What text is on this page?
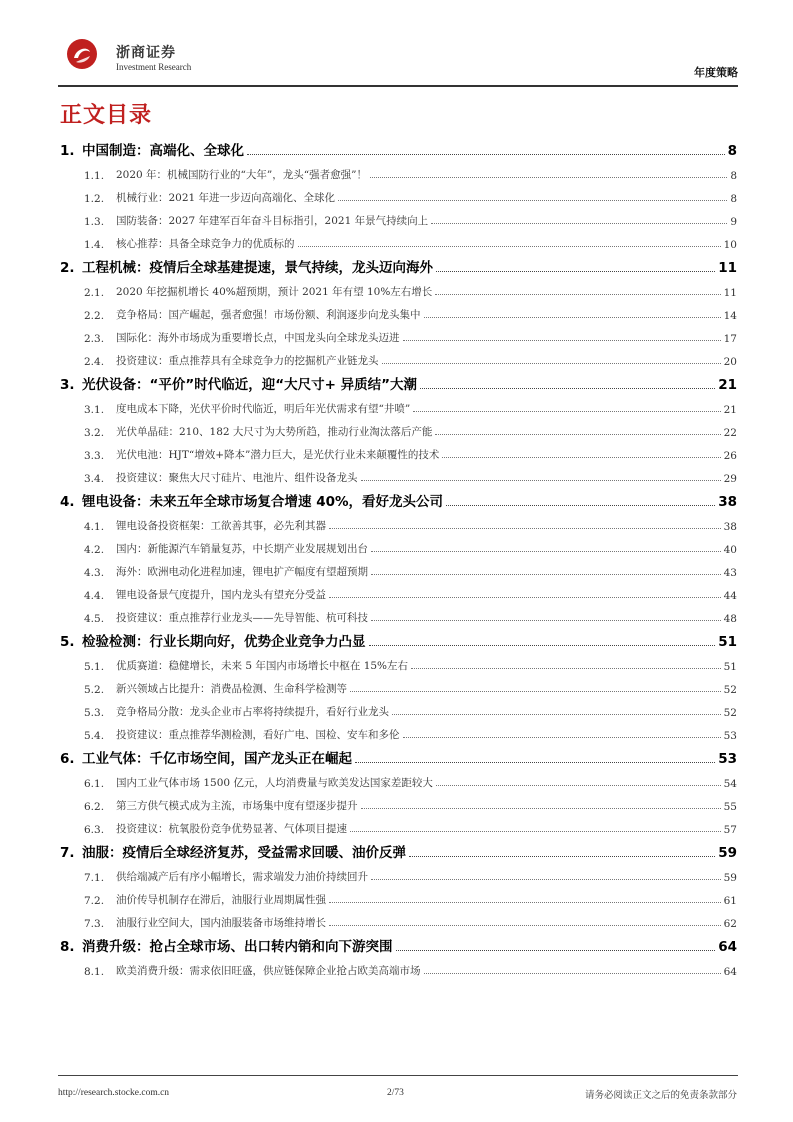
浙商证券
Investment Research	年度策略
正文目录
1. 中国制造：高端化、全球化	8
1.1.	2020 年：机械国防行业的“大年”，龙头“强者愈强”！	8
1.2.	机械行业：2021 年进一步迈向高端化、全球化	8
1.3.	国防装备：2027 年建军百年奋斗目标指引，2021 年景气持续向上	9
1.4.	核心推荐：具备全球竞争力的优质标的	10
2. 工程机械：疫情后全球基建提速，景气持续，龙头迈向海外	11
2.1.	2020 年挖掘机增长 40%超预期，预计 2021 年有望 10%左右增长	11
2.2.	竞争格局：国产崛起，强者愈强！市场份额、利润逐步向龙头集中	14
2.3.	国际化：海外市场成为重要增长点，中国龙头向全球龙头迈进	17
2.4.	投资建议：重点推荐具有全球竞争力的挖掘机产业链龙头	20
3. 光伏设备：“平价”时代临近，迎“大尺寸+ 异质结”大潮	21
3.1.	度电成本下降，光伏平价时代临近，明后年光伏需求有望“井喷”	21
3.2.	光伏单晶硅：210、182 大尺寸为大势所趋，推动行业淘汰落后产能	22
3.3.	光伏电池：HJT“增效+降本”潜力巨大，是光伏行业未来颠覆性的技术	26
3.4.	投资建议：聚焦大尺寸硅片、电池片、组件设备龙头	29
4. 锂电设备：未来五年全球市场复合增速 40%，看好龙头公司	38
4.1.	锂电设备投资框架：工欲善其事，必先利其器	38
4.2.	国内：新能源汽车销量复苏，中长期产业发展规划出台	40
4.3.	海外：欧洲电动化进程加速，锂电扩产幅度有望超预期	43
4.4.	锂电设备景气度提升，国内龙头有望充分受益	44
4.5.	投资建议：重点推荐行业龙头——先导智能、杭可科技	48
5. 检验检测：行业长期向好，优势企业竞争力凸显	51
5.1.	优质赛道：稳健增长，未来 5 年国内市场增长中枢在 15%左右	51
5.2.	新兴领域占比提升：消费品检测、生命科学检测等	52
5.3.	竞争格局分散：龙头企业市占率将持续提升，看好行业龙头	52
5.4.	投资建议：重点推荐华测检测，看好广电、国检、安车和多伦	53
6. 工业气体：千亿市场空间，国产龙头正在崛起	53
6.1.	国内工业气体市场 1500 亿元，人均消费量与欧美发达国家差距较大	54
6.2.	第三方供气模式成为主流，市场集中度有望逐步提升	55
6.3.	投资建议：杭氧股份竞争优势显著、气体项目提速	57
7. 油服：疫情后全球经济复苏，受益需求回暖、油价反弹	59
7.1.	供给端减产后有序小幅增长，需求端发力油价持续回升	59
7.2.	油价传导机制存在滞后，油服行业周期属性强	61
7.3.	油服行业空间大，国内油服装备市场维持增长	62
8. 消费升级：抢占全球市场、出口转内销和向下游突围	64
8.1.	欧美消费升级：需求依旧旺盛，供应链保障企业抢占欧美高端市场	64
http://research.stocke.com.cn	2/73	请务必阅读正文之后的免责条款部分
